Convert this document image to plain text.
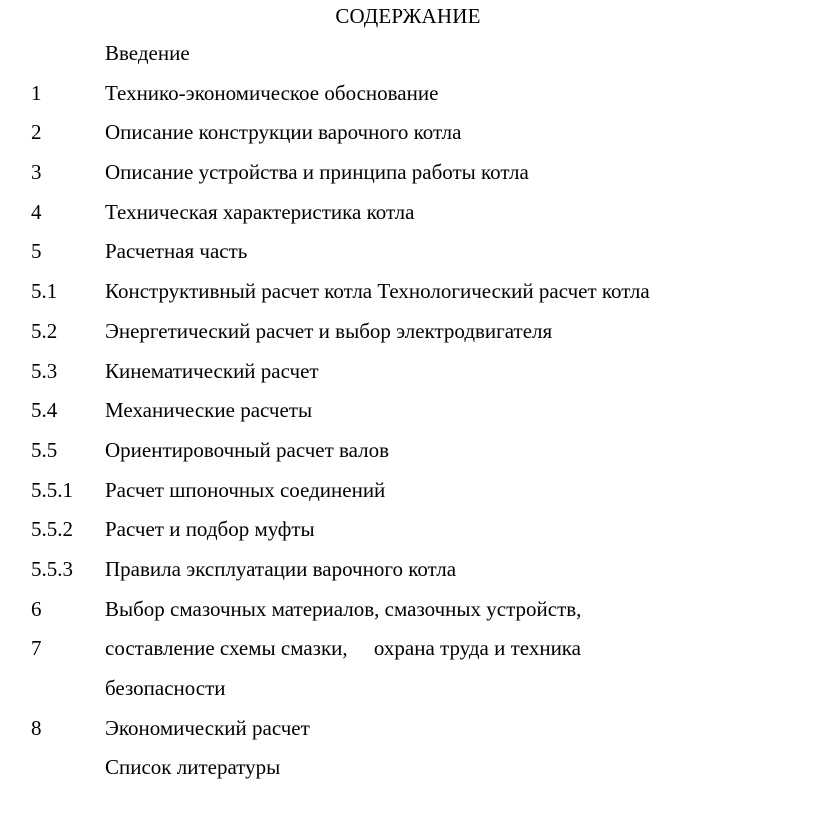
СОДЕРЖАНИЕ
Введение
1	Технико-экономическое обоснование
2	Описание конструкции варочного котла
3	Описание устройства и принципа работы котла
4	Техническая характеристика котла
5	Расчетная часть
5.1 Конструктивный расчет котла Технологический расчет котла
5.2 Энергетический расчет и выбор электродвигателя
5.3 Кинематический расчет
5.4 Механические расчеты
5.5 Ориентировочный расчет валов
5.5.1 Расчет шпоночных соединений
5.5.2 Расчет и подбор муфты
5.5.3 Правила эксплуатации варочного котла
6	Выбор смазочных материалов, смазочных устройств,
7	составление схемы смазки,     охрана труда и техника
безопасности
8	Экономический расчет
Список литературы
